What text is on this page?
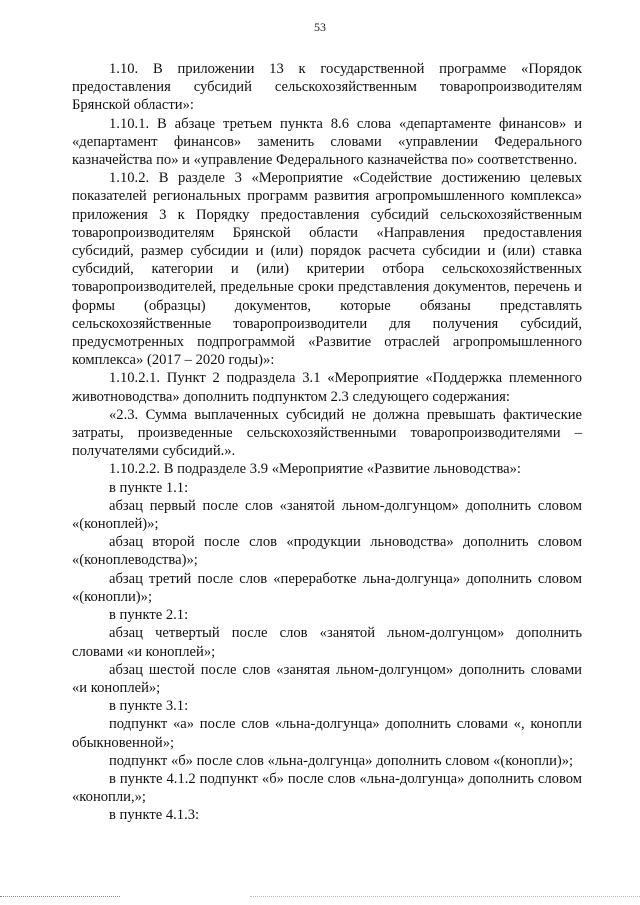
53

1.10. В приложении 13 к государственной программе «Порядок предоставления субсидий сельскохозяйственным товаропроизводителям Брянской области»:

1.10.1. В абзаце третьем пункта 8.6 слова «департаменте финансов» и «департамент финансов» заменить словами «управлении Федерального казначейства по» и «управление Федерального казначейства по» соответственно.

1.10.2. В разделе 3 «Мероприятие «Содействие достижению целевых показателей региональных программ развития агропромышленного комплекса» приложения 3 к Порядку предоставления субсидий сельскохозяйственным товаропроизводителям Брянской области «Направления предоставления субсидий, размер субсидии и (или) порядок расчета субсидии и (или) ставка субсидий, категории и (или) критерии отбора сельскохозяйственных товаропроизводителей, предельные сроки представления документов, перечень и формы (образцы) документов, которые обязаны представлять сельскохозяйственные товаропроизводители для получения субсидий, предусмотренных подпрограммой «Развитие отраслей агропромышленного комплекса» (2017 – 2020 годы)»:

1.10.2.1. Пункт 2 подраздела 3.1 «Мероприятие «Поддержка племенного животноводства» дополнить подпунктом 2.3 следующего содержания:

«2.3. Сумма выплаченных субсидий не должна превышать фактические затраты, произведенные сельскохозяйственными товаропроизводителями – получателями субсидий.».

1.10.2.2. В подразделе 3.9 «Мероприятие «Развитие льноводства»:

в пункте 1.1:

абзац первый после слов «занятой льном-долгунцом» дополнить словом «(коноплей)»;

абзац второй после слов «продукции льноводства» дополнить словом «(коноплеводства)»;

абзац третий после слов «переработке льна-долгунца» дополнить словом «(конопли)»;

в пункте 2.1:

абзац четвертый после слов «занятой льном-долгунцом» дополнить словами «и коноплей»;

абзац шестой после слов «занятая льном-долгунцом» дополнить словами «и коноплей»;

в пункте 3.1:

подпункт «а» после слов «льна-долгунца» дополнить словами «, конопли обыкновенной»;

подпункт «б» после слов «льна-долгунца» дополнить словом «(конопли)»;

в пункте 4.1.2 подпункт «б» после слов «льна-долгунца» дополнить словом «конопли,»;

в пункте 4.1.3:
